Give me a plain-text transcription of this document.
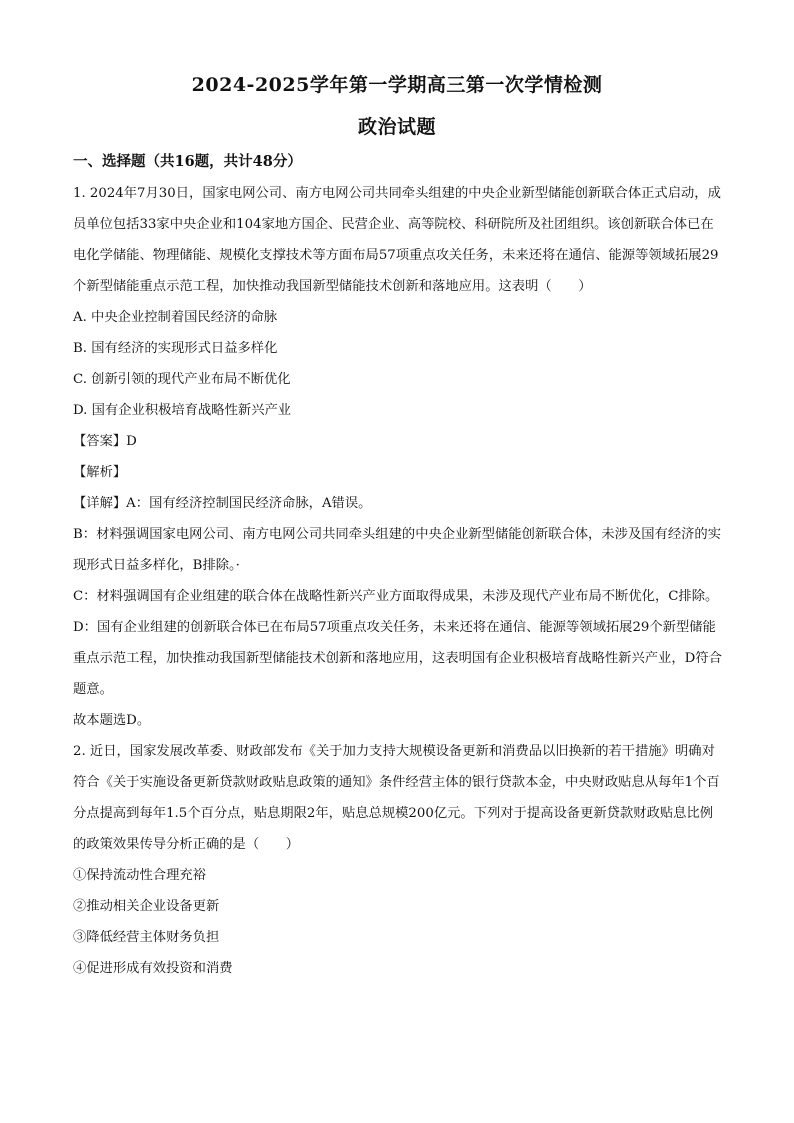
2024-2025学年第一学期高三第一次学情检测
政治试题
一、选择题（共16题，共计48分）

1. 2024年7月30日，国家电网公司、南方电网公司共同牵头组建的中央企业新型储能创新联合体正式启动，成员单位包括33家中央企业和104家地方国企、民营企业、高等院校、科研院所及社团组织。该创新联合体已在电化学储能、物理储能、规模化支撑技术等方面布局57项重点攻关任务，未来还将在通信、能源等领域拓展29个新型储能重点示范工程，加快推动我国新型储能技术创新和落地应用。这表明（　　）

A. 中央企业控制着国民经济的命脉

B. 国有经济的实现形式日益多样化

C. 创新引领的现代产业布局不断优化

D. 国有企业积极培育战略性新兴产业

【答案】D

【解析】

【详解】A：国有经济控制国民经济命脉，A错误。

B：材料强调国家电网公司、南方电网公司共同牵头组建的中央企业新型储能创新联合体，未涉及国有经济的实现形式日益多样化，B排除。·

C：材料强调国有企业组建的联合体在战略性新兴产业方面取得成果，未涉及现代产业布局不断优化，C排除。

D：国有企业组建的创新联合体已在布局57项重点攻关任务，未来还将在通信、能源等领域拓展29个新型储能重点示范工程，加快推动我国新型储能技术创新和落地应用，这表明国有企业积极培育战略性新兴产业，D符合题意。

故本题选D。

2. 近日，国家发展改革委、财政部发布《关于加力支持大规模设备更新和消费品以旧换新的若干措施》明确对符合《关于实施设备更新贷款财政贴息政策的通知》条件经营主体的银行贷款本金，中央财政贴息从每年1个百分点提高到每年1.5个百分点，贴息期限2年，贴息总规模200亿元。下列对于提高设备更新贷款财政贴息比例的政策效果传导分析正确的是（　　）

①保持流动性合理充裕

②推动相关企业设备更新

③降低经营主体财务负担

④促进形成有效投资和消费
